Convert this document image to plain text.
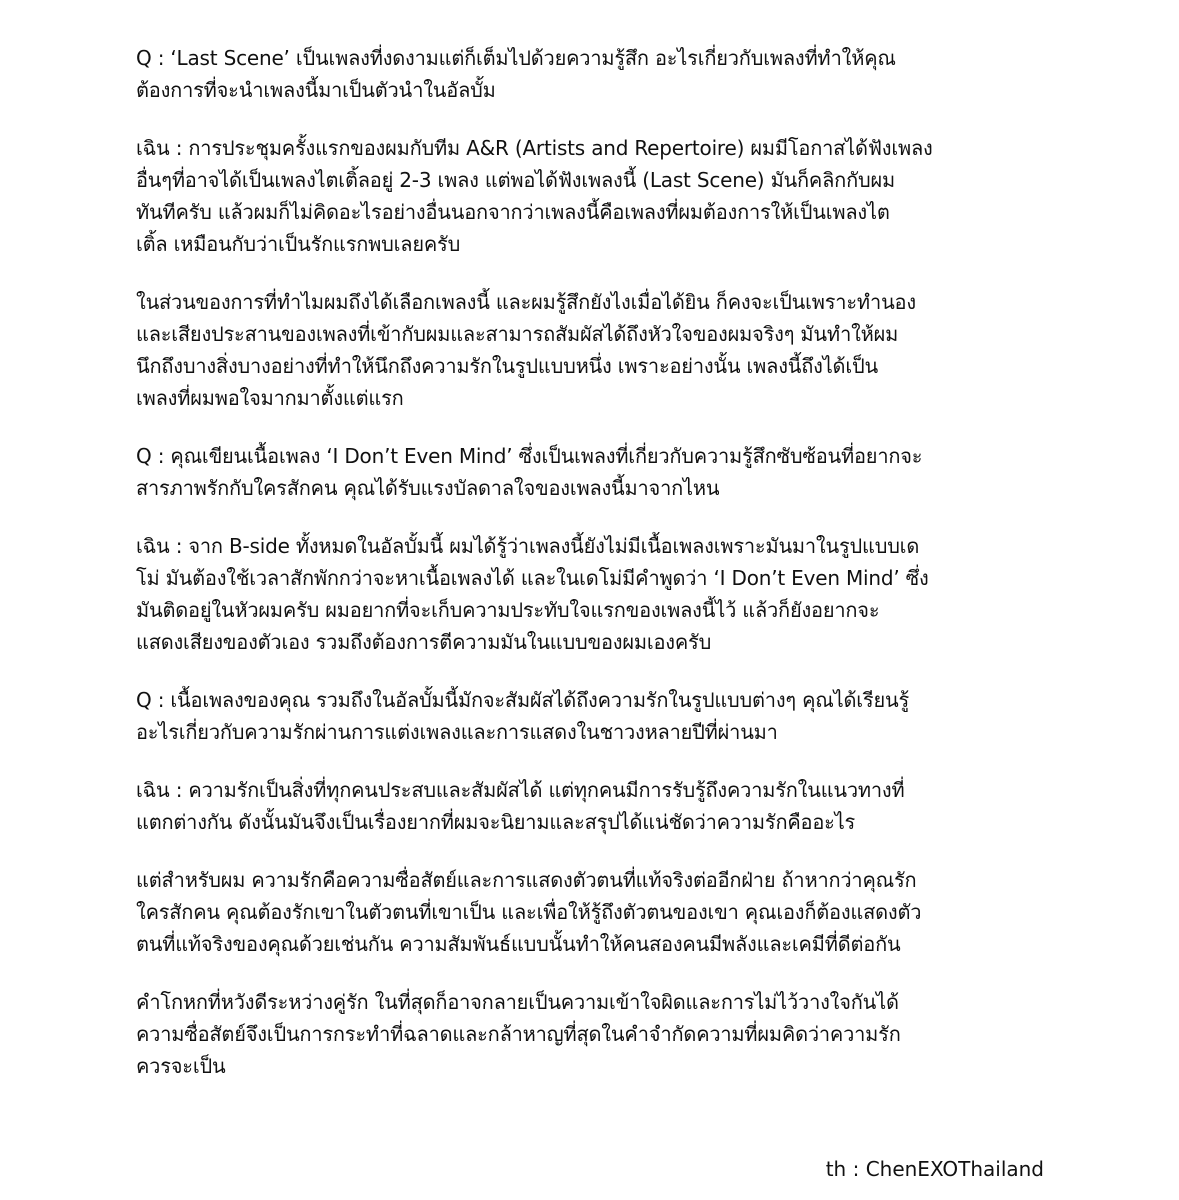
Q : ‘Last Scene’ เป็นเพลงที่งดงามแต่ก็เต็มไปด้วยความรู้สึก อะไรเกี่ยวกับเพลงที่ทำให้คุณ
ต้องการที่จะนำเพลงนี้มาเป็นตัวนำในอัลบั้ม
เฉิน : การประชุมครั้งแรกของผมกับทีม A&R (Artists and Repertoire) ผมมีโอกาสได้ฟังเพลง
อื่นๆที่อาจได้เป็นเพลงไตเติ้ลอยู่ 2-3 เพลง แต่พอได้ฟังเพลงนี้ (Last Scene) มันก็คลิกกับผม
ทันทีครับ แล้วผมก็ไม่คิดอะไรอย่างอื่นนอกจากว่าเพลงนี้คือเพลงที่ผมต้องการให้เป็นเพลงไต
เติ้ล เหมือนกับว่าเป็นรักแรกพบเลยครับ
ในส่วนของการที่ทำไมผมถึงได้เลือกเพลงนี้ และผมรู้สึกยังไงเมื่อได้ยิน ก็คงจะเป็นเพราะทำนอง
และเสียงประสานของเพลงที่เข้ากับผมและสามารถสัมผัสได้ถึงหัวใจของผมจริงๆ มันทำให้ผม
นึกถึงบางสิ่งบางอย่างที่ทำให้นึกถึงความรักในรูปแบบหนึ่ง เพราะอย่างนั้น เพลงนี้ถึงได้เป็น
เพลงที่ผมพอใจมากมาตั้งแต่แรก
Q : คุณเขียนเนื้อเพลง ‘I Don’t Even Mind’ ซึ่งเป็นเพลงที่เกี่ยวกับความรู้สึกซับซ้อนที่อยากจะ
สารภาพรักกับใครสักคน คุณได้รับแรงบัลดาลใจของเพลงนี้มาจากไหน
เฉิน : จาก B-side ทั้งหมดในอัลบั้มนี้ ผมได้รู้ว่าเพลงนี้ยังไม่มีเนื้อเพลงเพราะมันมาในรูปแบบเด
โม่ มันต้องใช้เวลาสักพักกว่าจะหาเนื้อเพลงได้ และในเดโม่มีคำพูดว่า ‘I Don’t Even Mind’ ซึ่ง
มันติดอยู่ในหัวผมครับ ผมอยากที่จะเก็บความประทับใจแรกของเพลงนี้ไว้ แล้วก็ยังอยากจะ
แสดงเสียงของตัวเอง รวมถึงต้องการตีความมันในแบบของผมเองครับ
Q : เนื้อเพลงของคุณ รวมถึงในอัลบั้มนี้มักจะสัมผัสได้ถึงความรักในรูปแบบต่างๆ คุณได้เรียนรู้
อะไรเกี่ยวกับความรักผ่านการแต่งเพลงและการแสดงในชาวงหลายปีที่ผ่านมา
เฉิน : ความรักเป็นสิ่งที่ทุกคนประสบและสัมผัสได้ แต่ทุกคนมีการรับรู้ถึงความรักในแนวทางที่
แตกต่างกัน ดังนั้นมันจึงเป็นเรื่องยากที่ผมจะนิยามและสรุปได้แน่ชัดว่าความรักคืออะไร
แต่สำหรับผม ความรักคือความซื่อสัตย์และการแสดงตัวตนที่แท้จริงต่ออีกฝ่าย ถ้าหากว่าคุณรัก
ใครสักคน คุณต้องรักเขาในตัวตนที่เขาเป็น และเพื่อให้รู้ถึงตัวตนของเขา คุณเองก็ต้องแสดงตัว
ตนที่แท้จริงของคุณด้วยเช่นกัน ความสัมพันธ์แบบนั้นทำให้คนสองคนมีพลังและเคมีที่ดีต่อกัน
คำโกหกที่หวังดีระหว่างคู่รัก ในที่สุดก็อาจกลายเป็นความเข้าใจผิดและการไม่ไว้วางใจกันได้
ความซื่อสัตย์จึงเป็นการกระทำที่ฉลาดและกล้าหาญที่สุดในคำจำกัดความที่ผมคิดว่าความรัก
ควรจะเป็น
th : ChenEXOThailand
